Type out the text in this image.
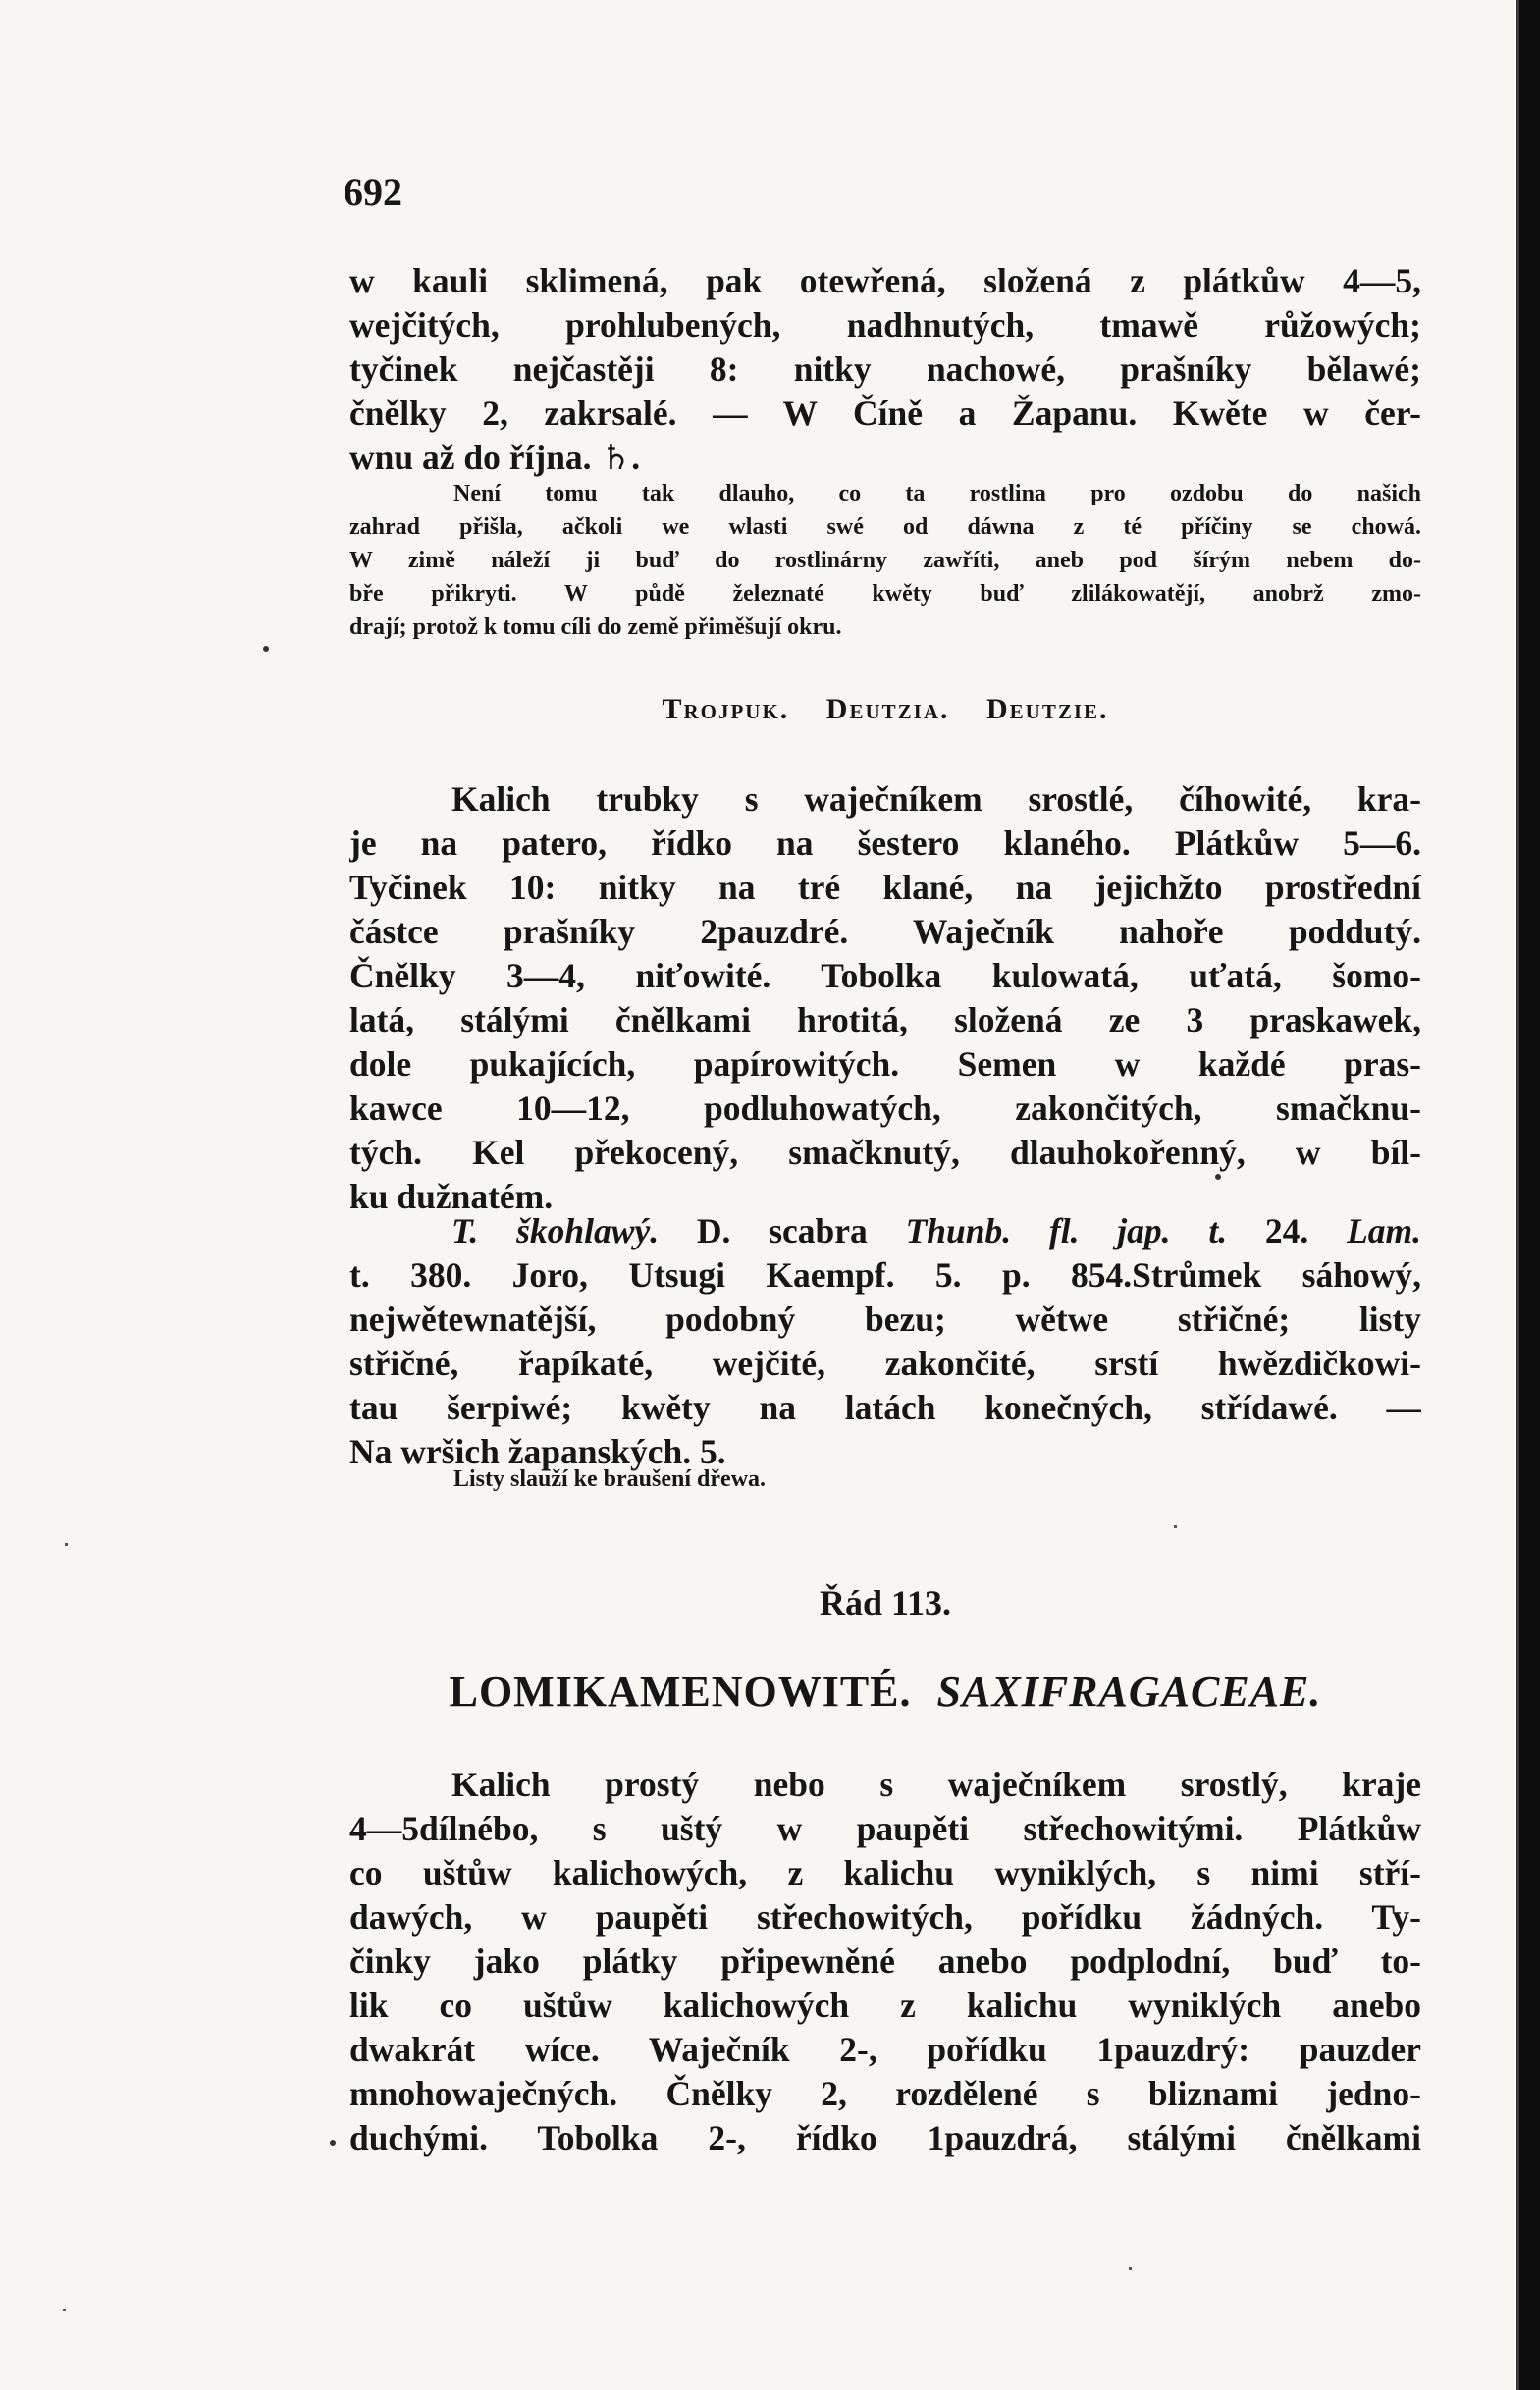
692
w kauli sklimená, pak otewřená, složená z plátkůw 4—5,
wejčitých, prohlubených, nadhnutých, tmawě růžowých;
tyčinek nejčastěji 8: nitky nachowé, prašníky bělawé;
čnělky 2, zakrsalé. — W Číně a Žapanu. Kwěte w čer-
wnu až do října. ♄.
Není tomu tak dlauho, co ta rostlina pro ozdobu do našich
zahrad přišla, ačkoli we wlasti swé od dáwna z té příčiny se chowá.
W zimě náleží ji buď do rostlinárny zawříti, aneb pod šírým nebem do-
bře přikryti. W půdě železnaté kwěty buď zlilákowatějí, anobrž zmo-
drají; protož k tomu cíli do země přiměšují okru.
Trojpuk. Deutzia. Deutzie.
Kalich trubky s waječníkem srostlé, číhowité, kra-
je na patero, řídko na šestero klaného. Plátkůw 5—6.
Tyčinek 10: nitky na tré klané, na jejichžto prostřední
částce prašníky 2pauzdré. Waječník nahoře poddutý.
Čnělky 3—4, niťowité. Tobolka kulowatá, uťatá, šomo-
latá, stálými čnělkami hrotitá, složená ze 3 praskawek,
dole pukajících, papírowitých. Semen w každé pras-
kawce 10—12, podluhowatých, zakončitých, smačknu-
tých. Kel překocený, smačknutý, dlauhokořenný, w bíl-
ku dužnatém.
T. škohlawý. D. scabra Thunb. fl. jap. t. 24. Lam.
t. 380. Joro, Utsugi Kaempf. 5. p. 854.Strůmek sáhowý,
nejwětewnatější, podobný bezu; wětwe střičné; listy
střičné, řapíkaté, wejčité, zakončité, srstí hwězdičkowi-
tau šerpiwé; kwěty na latách konečných, střídawé. —
Na wršich žapanských. 5.
Listy slauží ke braušení dřewa.
Řád 113.
LOMIKAMENOWITÉ. SAXIFRAGACEAE.
Kalich prostý nebo s waječníkem srostlý, kraje
4—5dílnébo, s uštý w paupěti střechowitými. Plátkůw
co uštůw kalichowých, z kalichu wyniklých, s nimi stří-
dawých, w paupěti střechowitých, pořídku žádných. Ty-
činky jako plátky připewněné anebo podplodní, buď to-
lik co uštůw kalichowých z kalichu wyniklých anebo
dwakrát wíce. Waječník 2-, pořídku 1pauzdrý: pauzder
mnohowaječných. Čnělky 2, rozdělené s bliznami jedno-
duchými. Tobolka 2-, řídko 1pauzdrá, stálými čnělkami
